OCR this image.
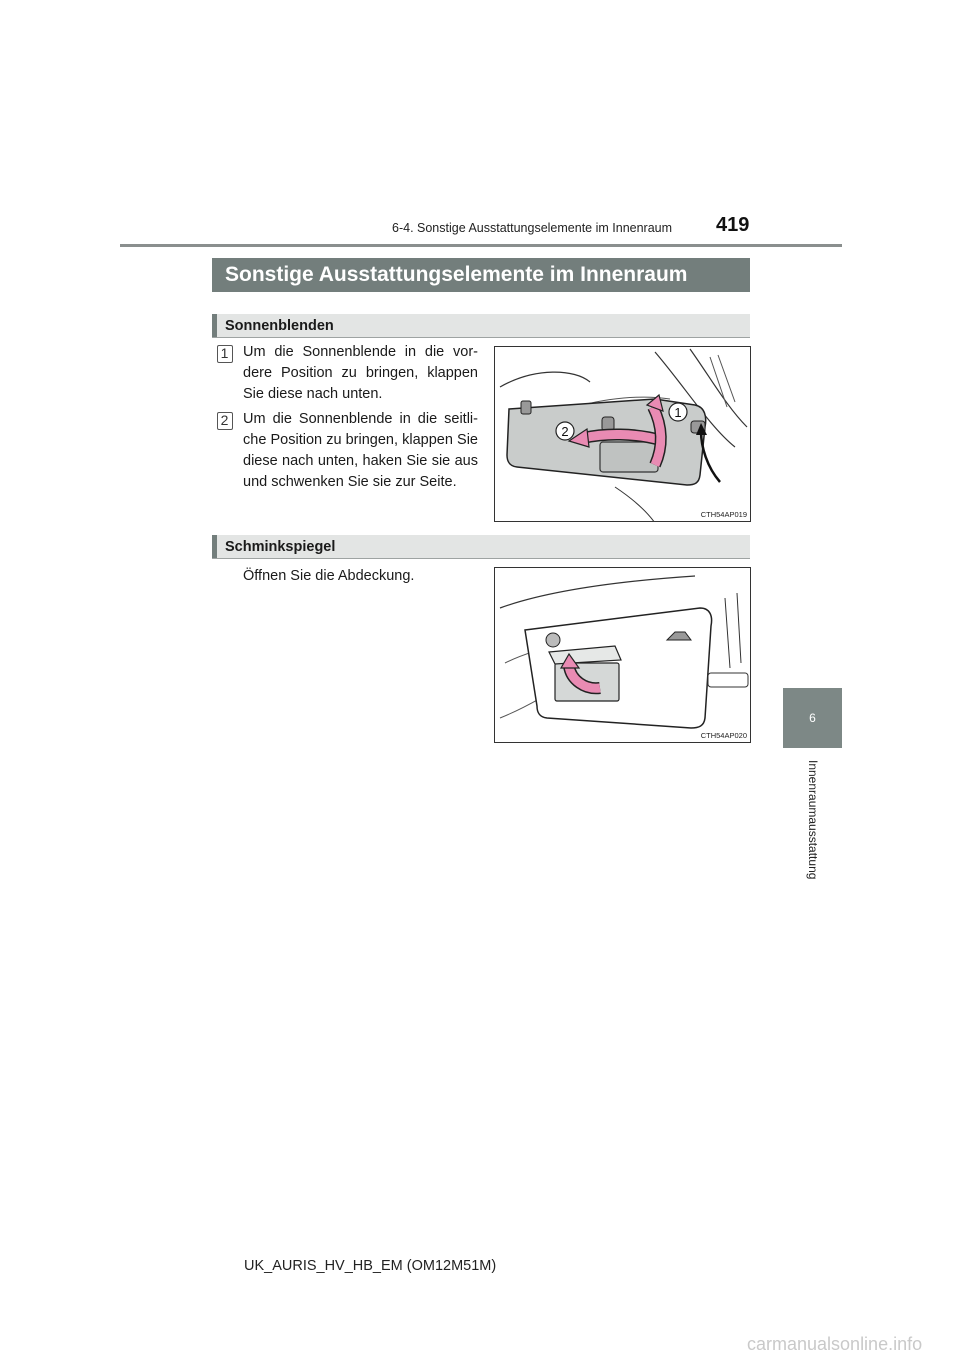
6-4. Sonstige Ausstattungselemente im Innenraum 419
Sonstige Ausstattungselemente im Innenraum
Sonnenblenden
1	Um die Sonnenblende in die vor-dere Position zu bringen, klappen Sie diese nach unten.
2	Um die Sonnenblende in die seitli-che Position zu bringen, klappen Sie diese nach unten, haken Sie sie aus und schwenken Sie sie zur Seite.
1
2
CTH54AP019
Schminkspiegel
Öffnen Sie die Abdeckung.
CTH54AP020
6
Innenraumausstattung
UK_AURIS_HV_HB_EM (OM12M51M)
carmanualsonline.info
